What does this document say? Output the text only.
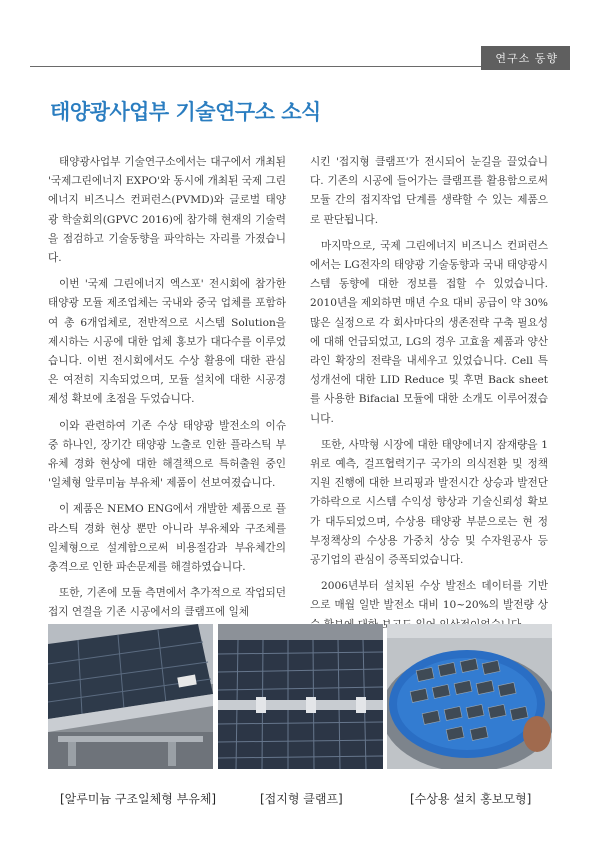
연구소 동향
태양광사업부 기술연구소 소식

태양광사업부 기술연구소에서는 대구에서 개최된 '국제그린에너지 EXPO'와 동시에 개최된 국제 그린에너지 비즈니스 컨퍼런스(PVMD)와 글로벌 태양광 학술회의(GPVC 2016)에 참가해 현재의 기술력을 점검하고 기술동향을 파악하는 자리를 가졌습니다.

이번 '국제 그린에너지 엑스포' 전시회에 참가한 태양광 모듈 제조업체는 국내와 중국 업체를 포함하여 총 6개업체로, 전반적으로 시스템 Solution을 제시하는 시공에 대한 업체 홍보가 대다수를 이루었습니다. 이번 전시회에서도 수상 활용에 대한 관심은 여전히 지속되었으며, 모듈 설치에 대한 시공경제성 확보에 초점을 두었습니다.

이와 관련하여 기존 수상 태양광 발전소의 이슈 중 하나인, 장기간 태양광 노출로 인한 플라스틱 부유체 경화 현상에 대한 해결책으로 특허출원 중인 '일체형 알루미늄 부유체' 제품이 선보여졌습니다.

이 제품은 NEMO ENG에서 개발한 제품으로 플라스틱 경화 현상 뿐만 아니라 부유체와 구조체를 일체형으로 설계함으로써 비용절감과 부유체간의 충격으로 인한 파손문제를 해결하였습니다.

또한, 기존에 모듈 측면에서 추가적으로 작업되던 접지 연결을 기존 시공에서의 클램프에 일체

시킨 '접지형 클램프'가 전시되어 눈길을 끌었습니다. 기존의 시공에 들어가는 클램프를 활용함으로써 모듈 간의 접지작업 단계를 생략할 수 있는 제품으로 판단됩니다.

마지막으로, 국제 그린에너지 비즈니스 컨퍼런스에서는 LG전자의 태양광 기술동향과 국내 태양광시스템 동향에 대한 정보를 접할 수 있었습니다. 2010년을 제외하면 매년 수요 대비 공급이 약 30% 많은 실정으로 각 회사마다의 생존전략 구축 필요성에 대해 언급되었고, LG의 경우 고효율 제품과 양산라인 확장의 전략을 내세우고 있었습니다. Cell 특성개선에 대한 LID Reduce 및 후면 Back sheet를 사용한 Bifacial 모듈에 대한 소개도 이루어졌습니다.

또한, 사막형 시장에 대한 태양에너지 잠재량을 1위로 예측, 걸프협력기구 국가의 의식전환 및 정책지원 진행에 대한 브리핑과 발전시간 상승과 발전단가하락으로 시스템 수익성 향상과 기술신뢰성 확보가 대두되었으며, 수상용 태양광 부분으로는 현 정부정책상의 수상용 가중치 상승 및 수자원공사 등 공기업의 관심이 증폭되었습니다.

2006년부터 설치된 수상 발전소 데이터를 기반으로 매월 일반 발전소 대비 10~20%의 발전량 상

[알루미늄 구조일체형 부유체]	[접지형 클램프]	[수상용 설치 홍보모형]
